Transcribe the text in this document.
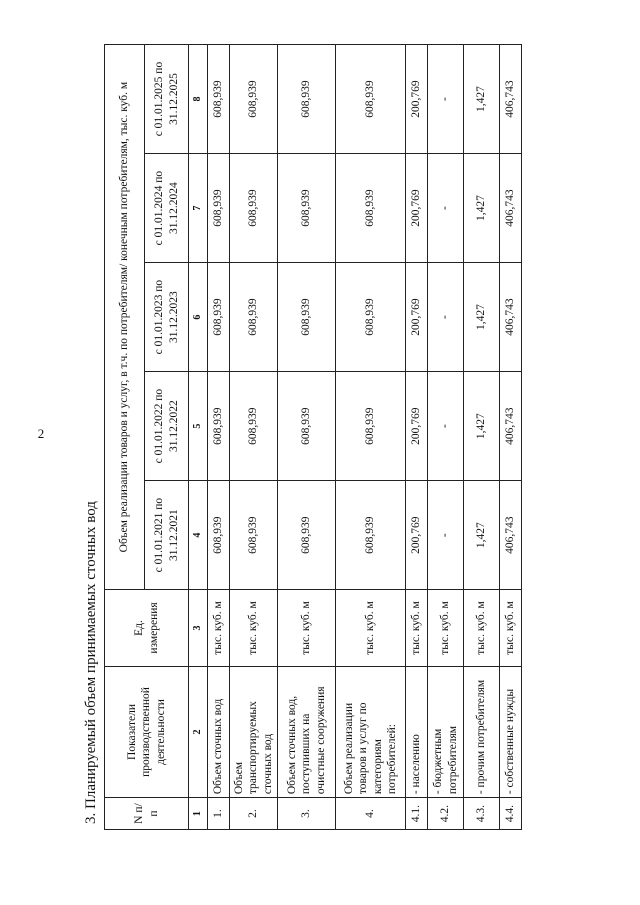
2
3. Планируемый объем принимаемых сточных вод	N п/п	Показатели производственной деятельности	Ед. измерения	Объем реализации товаров и услуг, в т.ч. по потребителям/ конечным потребителям, тыс. куб. м				
			с 01.01.2021 по 31.12.2021	с 01.01.2022 по 31.12.2022	с 01.01.2023 по 31.12.2023	с 01.01.2024 по 31.12.2024	с 01.01.2025 по 31.12.2025
1	2	3	4	5	6	7	8
1.	Объем сточных вод	тыс. куб. м	608,939	608,939	608,939	608,939	608,939
2.	Объем транспортируемых сточных вод	тыс. куб. м	608,939	608,939	608,939	608,939	608,939
3.	Объем сточных вод, поступивших на очистные сооружения	тыс. куб. м	608,939	608,939	608,939	608,939	608,939
4.	Объем реализации товаров и услуг по категориям потребителей:	тыс. куб. м	608,939	608,939	608,939	608,939	608,939
4.1.	- населению	тыс. куб. м	200,769	200,769	200,769	200,769	200,769
4.2.	- бюджетным потребителям	тыс. куб. м	-	-	-	-	-
4.3.	- прочим потребителям	тыс. куб. м	1,427	1,427	1,427	1,427	1,427
4.4.	- собственные нужды	тыс. куб. м	406,743	406,743	406,743	406,743	406,743
